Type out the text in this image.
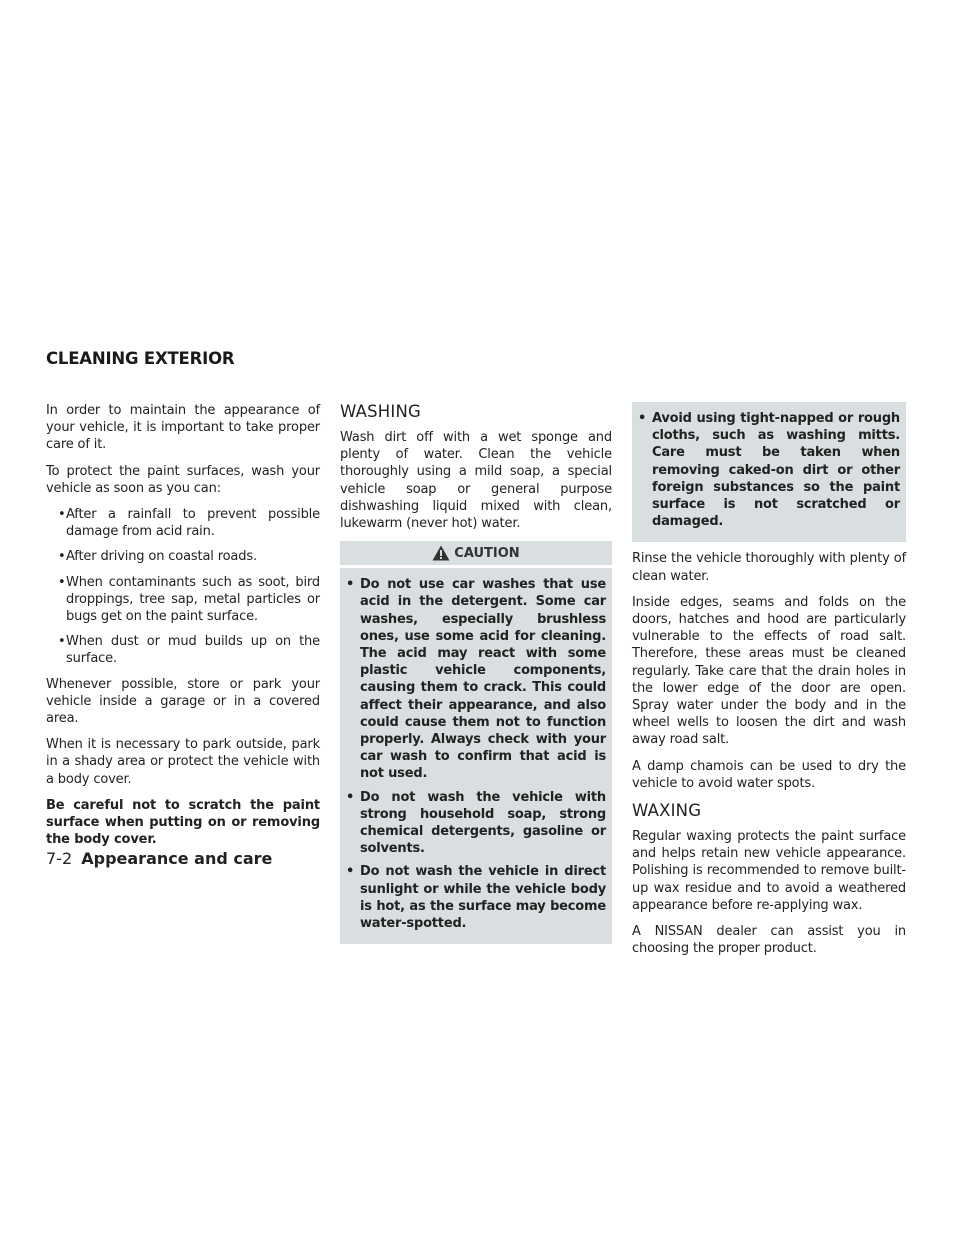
CLEANING EXTERIOR

In order to maintain the appearance of your vehicle, it is important to take proper care of it.

To protect the paint surfaces, wash your vehicle as soon as you can:

• After a rainfall to prevent possible damage from acid rain.
• After driving on coastal roads.
• When contaminants such as soot, bird droppings, tree sap, metal particles or bugs get on the paint surface.
• When dust or mud builds up on the surface.

Whenever possible, store or park your vehicle inside a garage or in a covered area.

When it is necessary to park outside, park in a shady area or protect the vehicle with a body cover.

Be careful not to scratch the paint surface when putting on or removing the body cover.

WASHING

Wash dirt off with a wet sponge and plenty of water. Clean the vehicle thoroughly using a mild soap, a special vehicle soap or general purpose dishwashing liquid mixed with clean, lukewarm (never hot) water.

CAUTION
• Do not use car washes that use acid in the detergent. Some car washes, especially brushless ones, use some acid for cleaning. The acid may react with some plastic vehicle components, causing them to crack. This could affect their appearance, and also could cause them not to function properly. Always check with your car wash to confirm that acid is not used.
• Do not wash the vehicle with strong household soap, strong chemical detergents, gasoline or solvents.
• Do not wash the vehicle in direct sunlight or while the vehicle body is hot, as the surface may become water-spotted.
• Avoid using tight-napped or rough cloths, such as washing mitts. Care must be taken when removing caked-on dirt or other foreign substances so the paint surface is not scratched or damaged.

Rinse the vehicle thoroughly with plenty of clean water.

Inside edges, seams and folds on the doors, hatches and hood are particularly vulnerable to the effects of road salt. Therefore, these areas must be cleaned regularly. Take care that the drain holes in the lower edge of the door are open. Spray water under the body and in the wheel wells to loosen the dirt and wash away road salt.

A damp chamois can be used to dry the vehicle to avoid water spots.

WAXING

Regular waxing protects the paint surface and helps retain new vehicle appearance. Polishing is recommended to remove built-up wax residue and to avoid a weathered appearance before re-applying wax.

A NISSAN dealer can assist you in choosing the proper product.

7-2 Appearance and care
